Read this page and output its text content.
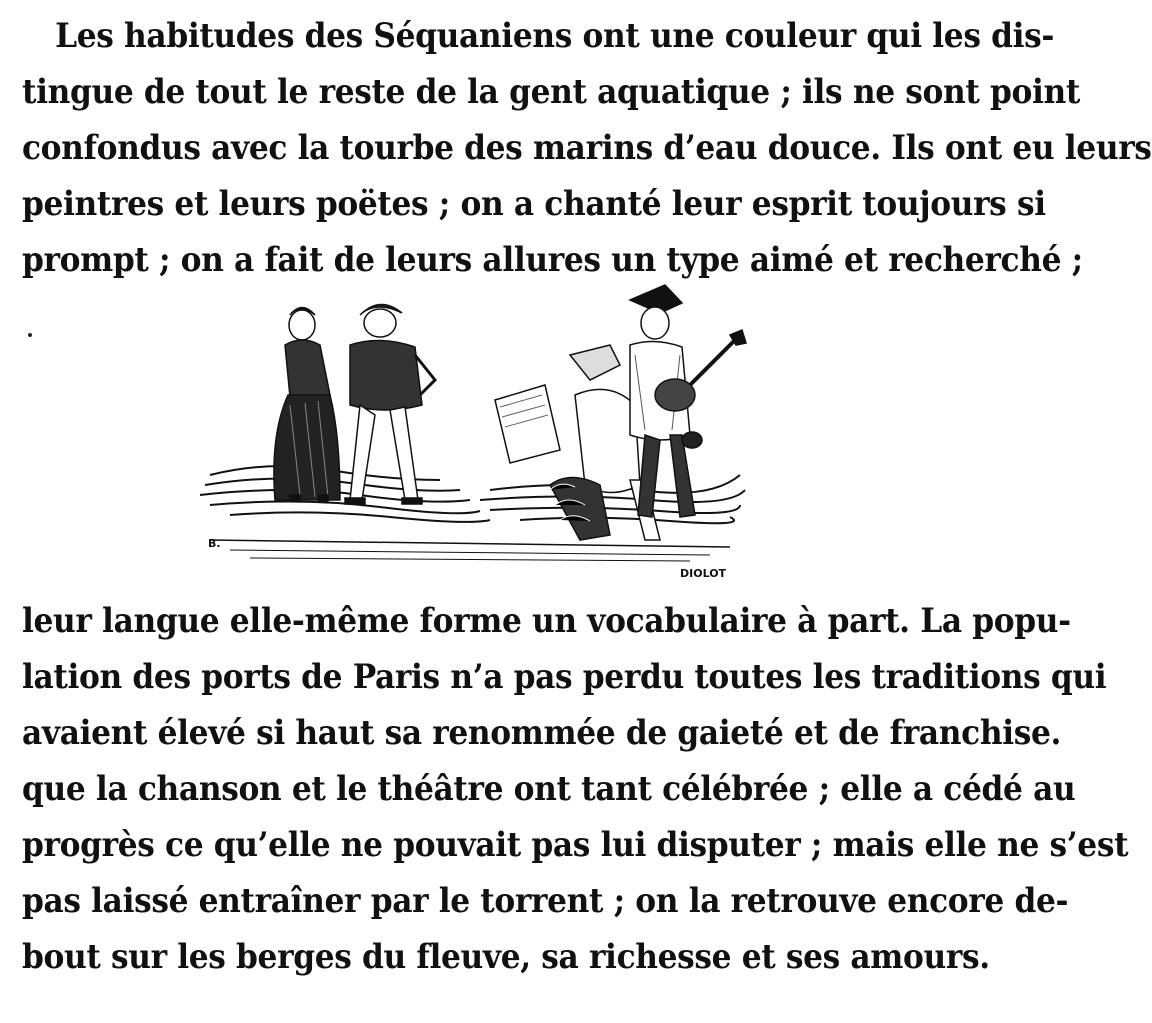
Les habitudes des Séquaniens ont une couleur qui les dis-
tingue de tout le reste de la gent aquatique ; ils ne sont point
confondus avec la tourbe des marins d’eau douce. Ils ont eu leurs
peintres et leurs poëtes ; on a chanté leur esprit toujours si
prompt ; on a fait de leurs allures un type aimé et recherché ;
B.
DIOLOT
leur langue elle-même forme un vocabulaire à part. La popu-
lation des ports de Paris n’a pas perdu toutes les traditions qui
avaient élevé si haut sa renommée de gaieté et de franchise.
que la chanson et le théâtre ont tant célébrée ; elle a cédé au
progrès ce qu’elle ne pouvait pas lui disputer ; mais elle ne s’est
pas laissé entraîner par le torrent ; on la retrouve encore de-
bout sur les berges du fleuve, sa richesse et ses amours.
